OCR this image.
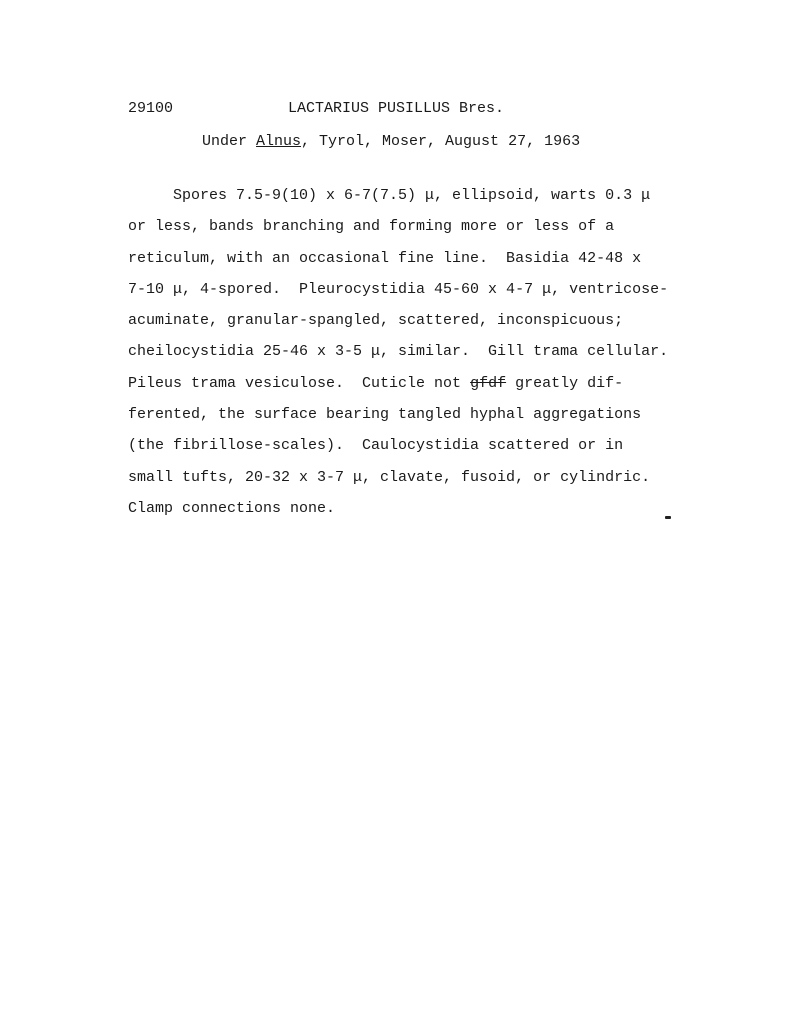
29100

	LACTARIUS PUSILLUS Bres.

Under Alnus, Tyrol, Moser, August 27, 1963
Spores 7.5-9(10) x 6-7(7.5) μ, ellipsoid, warts 0.3 μ
or less, bands branching and forming more or less of a
reticulum, with an occasional fine line.  Basidia 42-48 x
7-10 μ, 4-spored.  Pleurocystidia 45-60 x 4-7 μ, ventricose-
acuminate, granular-spangled, scattered, inconspicuous;
cheilocystidia 25-46 x 3-5 μ, similar.  Gill trama cellular.
Pileus trama vesiculose.  Cuticle not gfdf greatly dif-
ferented, the surface bearing tangled hyphal aggregations
(the fibrillose-scales).  Caulocystidia scattered or in
small tufts, 20-32 x 3-7 μ, clavate, fusoid, or cylindric.
Clamp connections none.
